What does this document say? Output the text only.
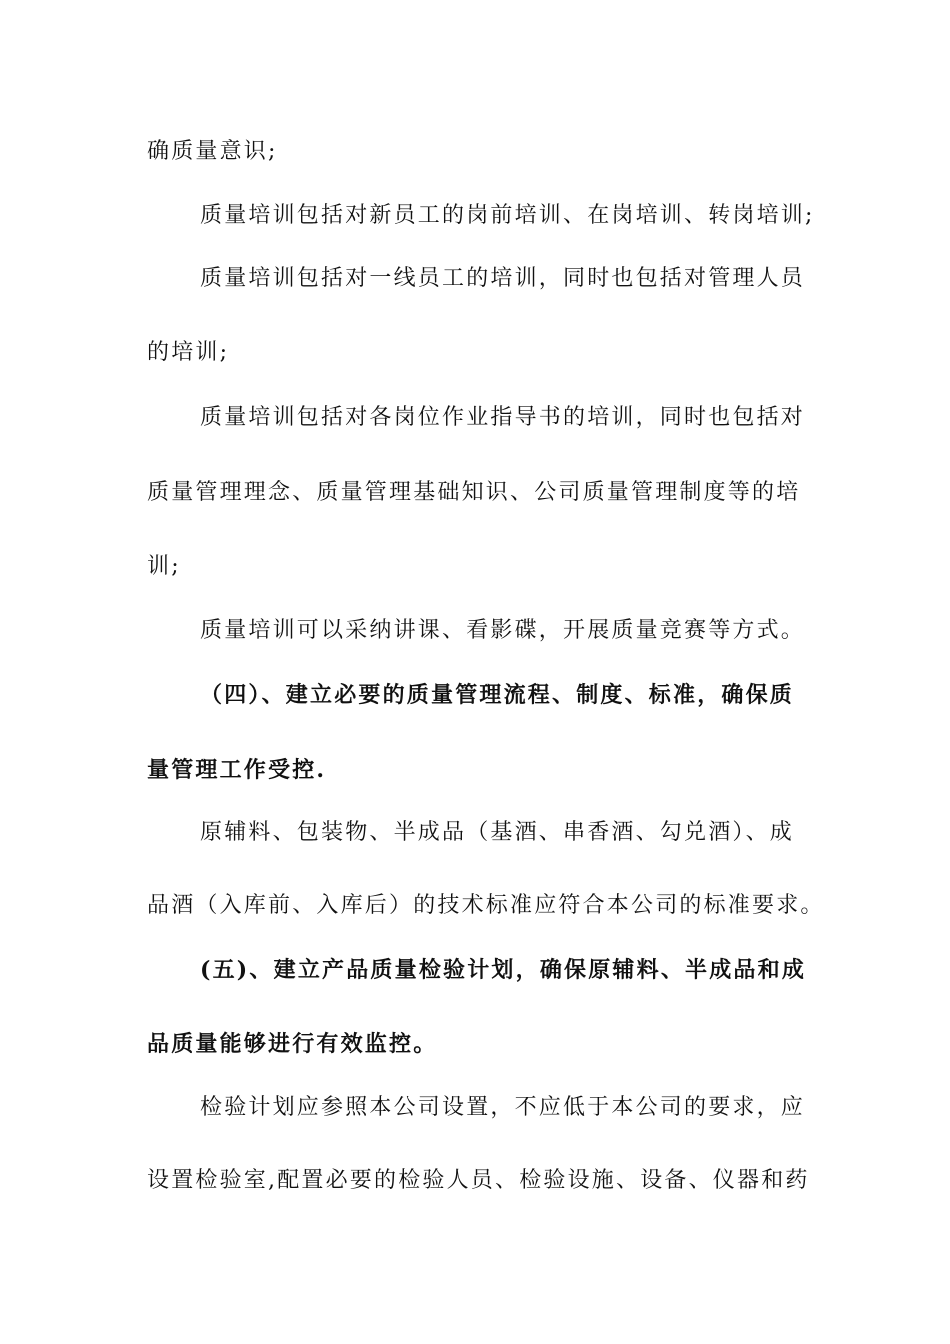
确质量意识;
质量培训包括对新员工的岗前培训、在岗培训、转岗培训;
质量培训包括对一线员工的培训，同时也包括对管理人员
的培训;
质量培训包括对各岗位作业指导书的培训，同时也包括对
质量管理理念、质量管理基础知识、公司质量管理制度等的培
训;
质量培训可以采纳讲课、看影碟，开展质量竞赛等方式。
（四）、建立必要的质量管理流程、制度、标准，确保质
量管理工作受控.
原辅料、包装物、半成品（基酒、串香酒、勾兑酒）、成
品酒（入库前、入库后）的技术标准应符合本公司的标准要求。
(五)、建立产品质量检验计划，确保原辅料、半成品和成
品质量能够进行有效监控。
检验计划应参照本公司设置，不应低于本公司的要求，应
设置检验室,配置必要的检验人员、检验设施、设备、仪器和药
